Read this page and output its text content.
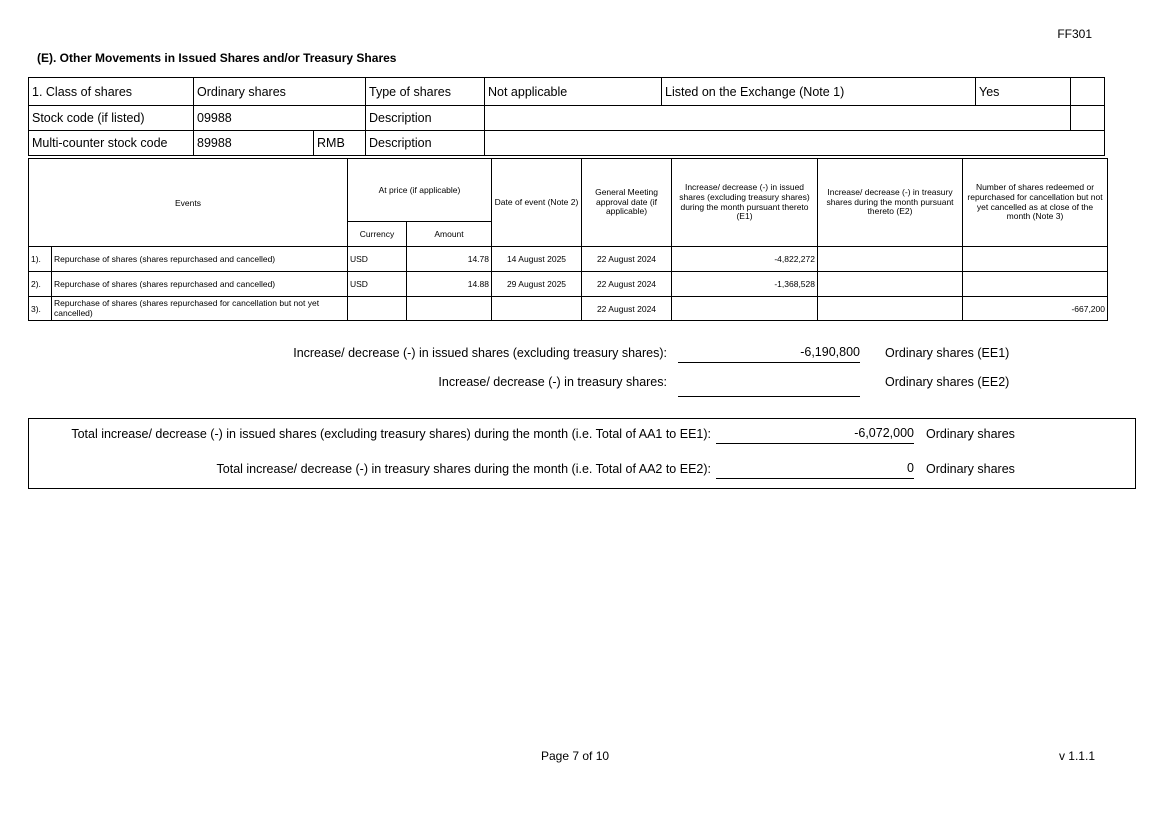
FF301
(E). Other Movements in Issued Shares and/or Treasury Shares
1. Class of shares	Ordinary shares		Type of shares	Not applicable	Listed on the Exchange (Note 1)	Yes	
Stock code (if listed)	09988		Description				
Multi-counter stock code	89988	RMB	Description				
Events		At price (if applicable)		Date of event (Note 2)	General Meeting approval date (if applicable)	Increase/ decrease (-) in issued shares (excluding treasury shares) during the month pursuant thereto (E1)	Increase/ decrease (-) in treasury shares during the month pursuant thereto (E2)	Number of shares redeemed or repurchased for cancellation but not yet cancelled as at close of the month (Note 3)
		Currency	Amount					
1).	Repurchase of shares (shares repurchased and cancelled)	USD	14.78	14 August 2025	22 August 2024	-4,822,272		
2).	Repurchase of shares (shares repurchased and cancelled)	USD	14.88	29 August 2025	22 August 2024	-1,368,528		
3).	Repurchase of shares (shares repurchased for cancellation but not yet cancelled)				22 August 2024			-667,200
Increase/ decrease (-) in issued shares (excluding treasury shares):	-6,190,800 Ordinary shares (EE1)
Increase/ decrease (-) in treasury shares:	Ordinary shares (EE2)
Total increase/ decrease (-) in issued shares (excluding treasury shares) during the month (i.e. Total of AA1 to EE1):	-6,072,000 Ordinary shares
Total increase/ decrease (-) in treasury shares during the month (i.e. Total of AA2 to EE2):	0 Ordinary shares
Page 7 of 10	v 1.1.1
